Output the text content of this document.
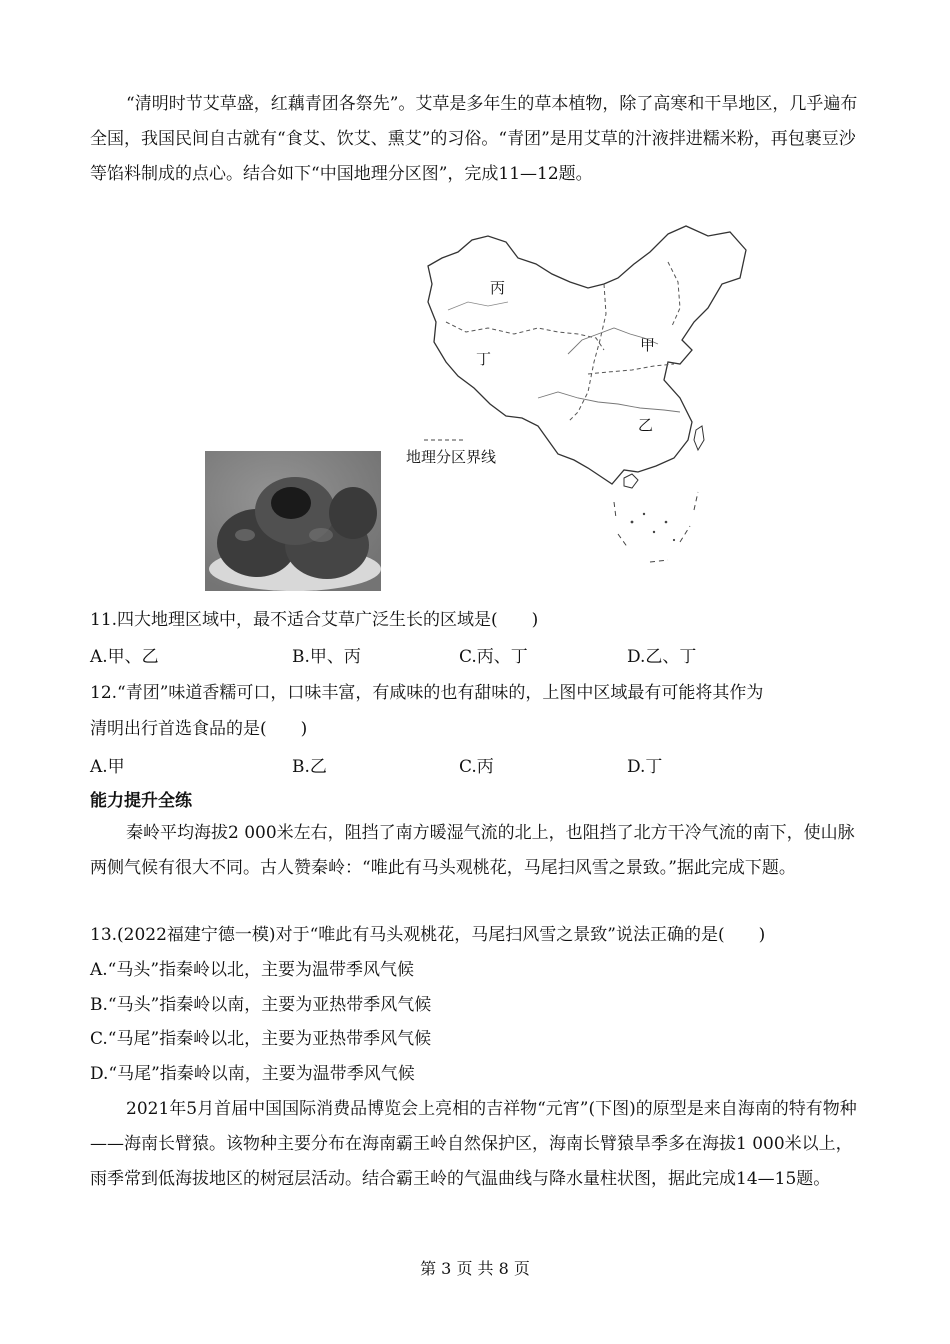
“清明时节艾草盛，红藕青团各祭先”。艾草是多年生的草本植物，除了高寒和干旱地区，几乎遍布全国，我国民间自古就有“食艾、饮艾、熏艾”的习俗。“青团”是用艾草的汁液拌进糯米粉，再包裹豆沙等馅料制成的点心。结合如下“中国地理分区图”，完成11—12题。

丙
丁
甲
乙
地理分区界线
11.四大地理区域中，最不适合艾草广泛生长的区域是(　　)
A.甲、乙	B.甲、丙	C.丙、丁	D.乙、丁
12.“青团”味道香糯可口，口味丰富，有咸味的也有甜味的，上图中区域最有可能将其作为
清明出行首选食品的是(　　)
A.甲	B.乙	C.丙	D.丁
能力提升全练

秦岭平均海拔2 000米左右，阻挡了南方暖湿气流的北上，也阻挡了北方干冷气流的南下，使山脉两侧气候有很大不同。古人赞秦岭：“唯此有马头观桃花，马尾扫风雪之景致。”据此完成下题。

13.(2022福建宁德一模)对于“唯此有马头观桃花，马尾扫风雪之景致”说法正确的是(　　)
A.“马头”指秦岭以北，主要为温带季风气候
B.“马头”指秦岭以南，主要为亚热带季风气候
C.“马尾”指秦岭以北，主要为亚热带季风气候
D.“马尾”指秦岭以南，主要为温带季风气候

2021年5月首届中国国际消费品博览会上亮相的吉祥物“元宵”(下图)的原型是来自海南的特有物种——海南长臂猿。该物种主要分布在海南霸王岭自然保护区，海南长臂猿旱季多在海拔1 000米以上，雨季常到低海拔地区的树冠层活动。结合霸王岭的气温曲线与降水量柱状图，据此完成14—15题。

第 3 页 共 8 页
